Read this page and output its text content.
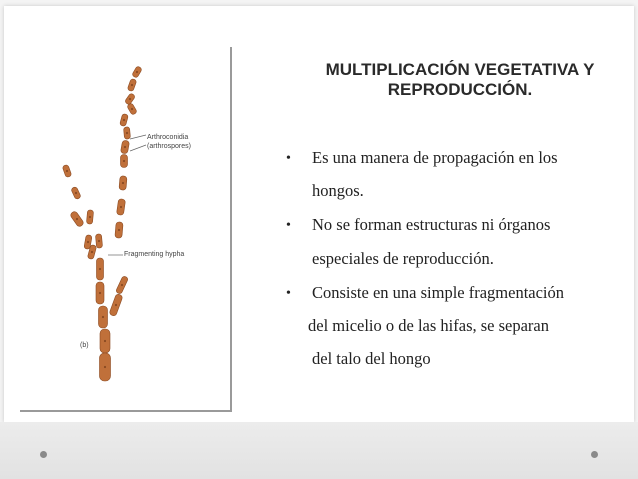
Arthroconidia
(arthrospores)
Fragmenting hypha
(b)
MULTIPLICACIÓN VEGETATIVA Y
REPRODUCCIÓN.
• Es una manera de propagación en los
hongos.
• No se forman estructuras ni órganos
especiales de reproducción.
• Consiste en una simple fragmentación
del micelio o de las hifas, se separan
del talo del hongo
